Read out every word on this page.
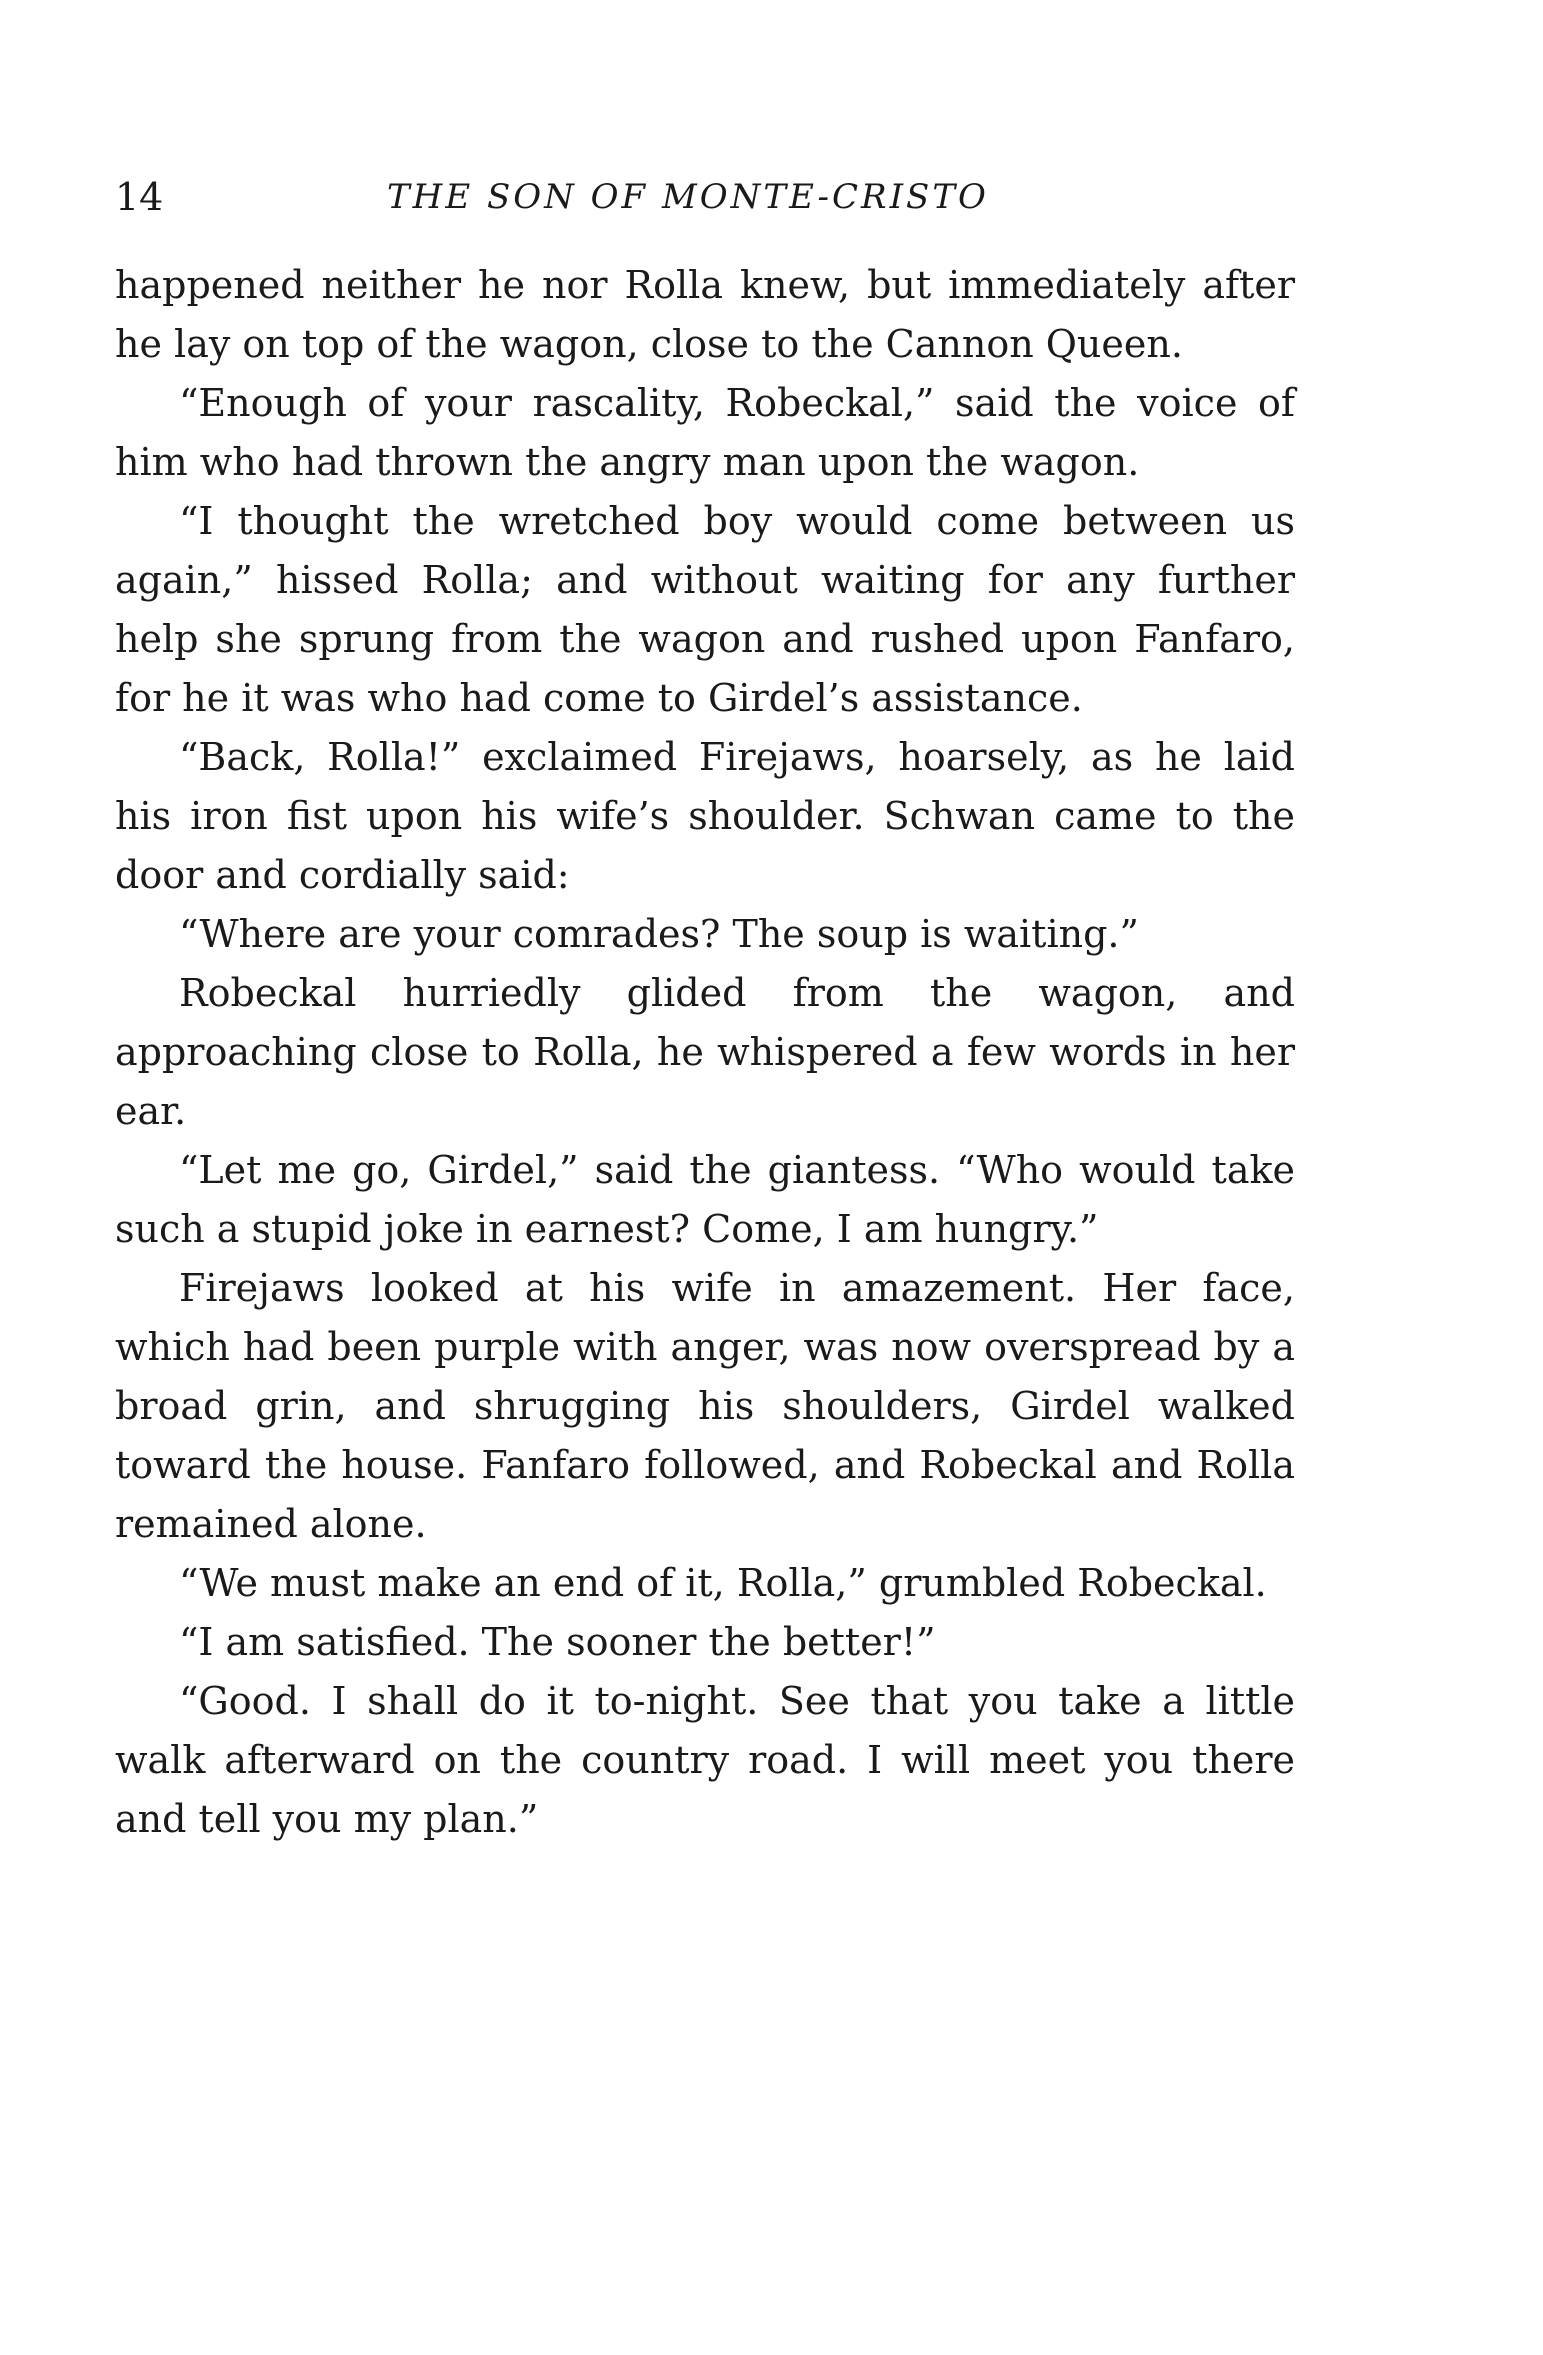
14	THE SON OF MONTE-CRISTO

happened neither he nor Rolla knew, but immediately after he lay on top of the wagon, close to the Cannon Queen.

“Enough of your rascality, Robeckal,” said the voice of him who had thrown the angry man upon the wagon.

“I thought the wretched boy would come between us again,” hissed Rolla; and without waiting for any further help she sprung from the wagon and rushed upon Fanfaro, for he it was who had come to Girdel’s assistance.

“Back, Rolla!” exclaimed Firejaws, hoarsely, as he laid his iron fist upon his wife’s shoulder. Schwan came to the door and cordially said:

“Where are your comrades? The soup is waiting.”

Robeckal hurriedly glided from the wagon, and approaching close to Rolla, he whispered a few words in her ear.

“Let me go, Girdel,” said the giantess. “Who would take such a stupid joke in earnest? Come, I am hungry.”

Firejaws looked at his wife in amazement. Her face, which had been purple with anger, was now overspread by a broad grin, and shrugging his shoulders, Girdel walked toward the house. Fanfaro followed, and Robeckal and Rolla remained alone.

“We must make an end of it, Rolla,” grumbled Robeckal.

“I am satisfied. The sooner the better!”

“Good. I shall do it to-night. See that you take a little walk afterward on the country road. I will meet you there and tell you my plan.”
